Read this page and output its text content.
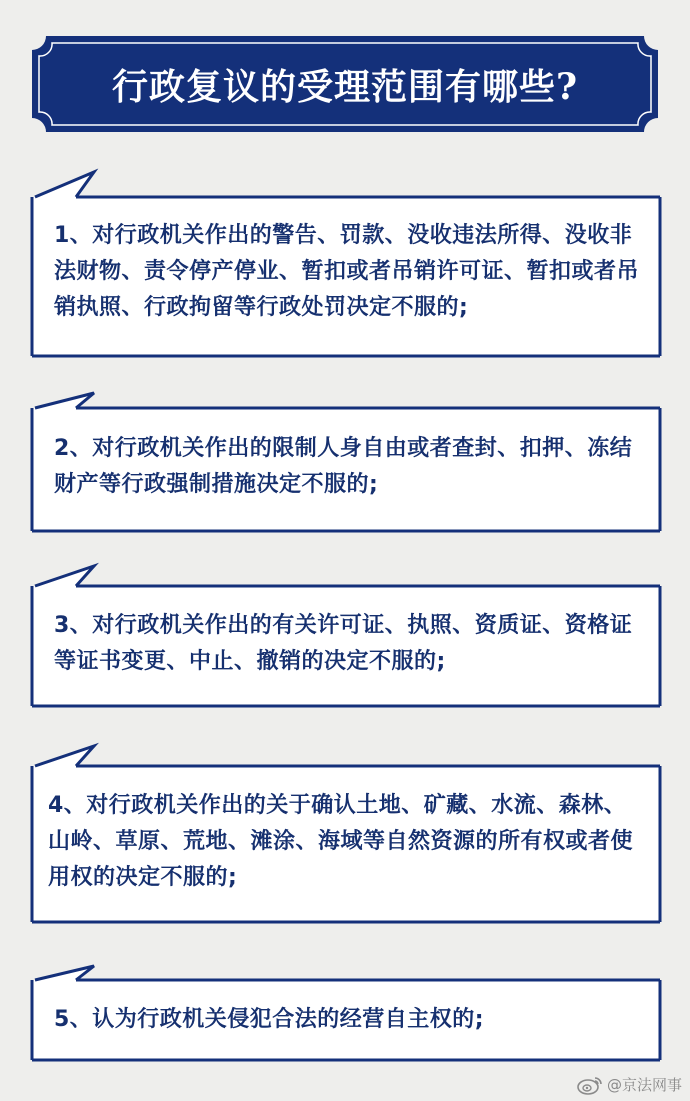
行政复议的受理范围有哪些?
1、对行政机关作出的警告、罚款、没收违法所得、没收非法财物、责令停产停业、暂扣或者吊销许可证、暂扣或者吊销执照、行政拘留等行政处罚决定不服的;
2、对行政机关作出的限制人身自由或者查封、扣押、冻结财产等行政强制措施决定不服的;
3、对行政机关作出的有关许可证、执照、资质证、资格证等证书变更、中止、撤销的决定不服的;
4、对行政机关作出的关于确认土地、矿藏、水流、森林、山岭、草原、荒地、滩涂、海域等自然资源的所有权或者使用权的决定不服的;
5、认为行政机关侵犯合法的经营自主权的;
@京法网事
